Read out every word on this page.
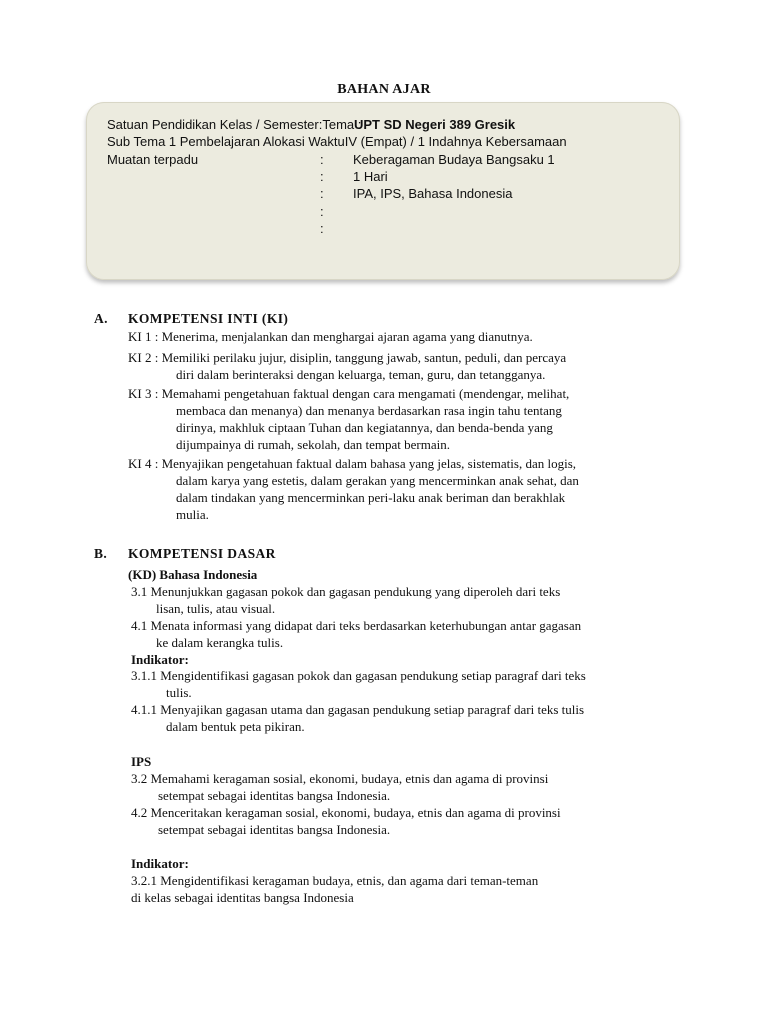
BAHAN AJAR
Satuan Pendidikan Kelas / Semester:Tema :
UPT SD Negeri 389 Gresik
Sub Tema 1 Pembelajaran Alokasi WaktuIV (Empat) / 1 Indahnya Kebersamaan
Muatan terpadu	:
:
:
:
:
Keberagaman Budaya Bangsaku 1
1 Hari
IPA, IPS, Bahasa Indonesia
A. KOMPETENSI INTI (KI)
KI 1 : Menerima, menjalankan dan menghargai ajaran agama yang dianutnya.
KI 2 : Memiliki perilaku jujur, disiplin, tanggung jawab, santun, peduli, dan percaya
diri dalam berinteraksi dengan keluarga, teman, guru, dan tetangganya.
KI 3 : Memahami pengetahuan faktual dengan cara mengamati (mendengar, melihat,
membaca dan menanya) dan menanya berdasarkan rasa ingin tahu tentang
dirinya, makhluk ciptaan Tuhan dan kegiatannya, dan benda-benda yang
dijumpainya di rumah, sekolah, dan tempat bermain.
KI 4 : Menyajikan pengetahuan faktual dalam bahasa yang jelas, sistematis, dan logis,
dalam karya yang estetis, dalam gerakan yang mencerminkan anak sehat, dan
dalam tindakan yang mencerminkan peri-laku anak beriman dan berakhlak
mulia.
B. KOMPETENSI DASAR
(KD) Bahasa Indonesia
3.1 Menunjukkan gagasan pokok dan gagasan pendukung yang diperoleh dari teks
lisan, tulis, atau visual.
4.1 Menata informasi yang didapat dari teks berdasarkan keterhubungan antar gagasan
ke dalam kerangka tulis.
Indikator:
3.1.1 Mengidentifikasi gagasan pokok dan gagasan pendukung setiap paragraf dari teks
tulis.
4.1.1 Menyajikan gagasan utama dan gagasan pendukung setiap paragraf dari teks tulis
dalam bentuk peta pikiran.
IPS
3.2 Memahami keragaman sosial, ekonomi, budaya, etnis dan agama di provinsi
setempat sebagai identitas bangsa Indonesia.
4.2 Menceritakan keragaman sosial, ekonomi, budaya, etnis dan agama di provinsi
setempat sebagai identitas bangsa Indonesia.
Indikator:
3.2.1 Mengidentifikasi keragaman budaya, etnis, dan agama dari teman-teman
di kelas sebagai identitas bangsa Indonesia
